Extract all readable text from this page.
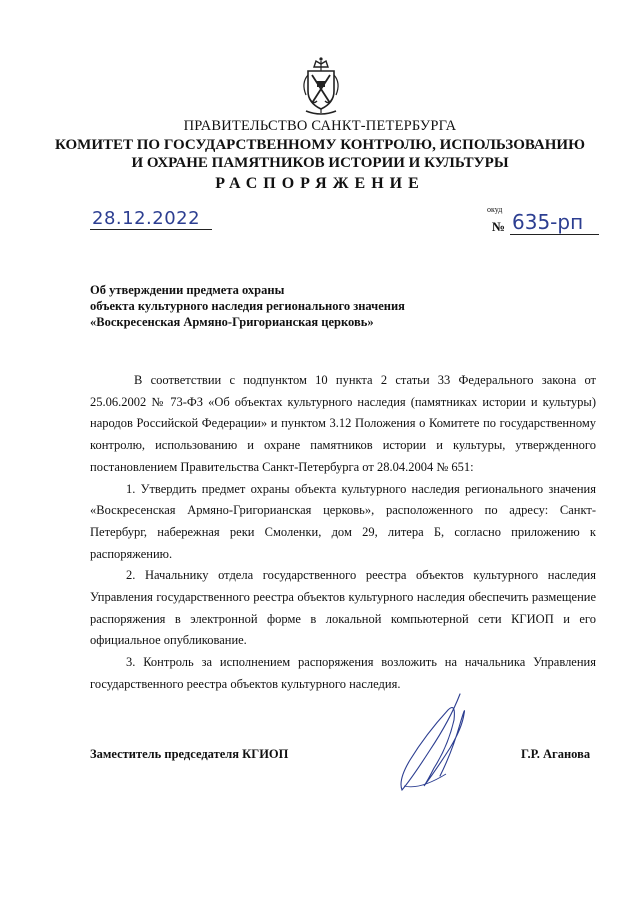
ПРАВИТЕЛЬСТВО САНКТ-ПЕТЕРБУРГА
КОМИТЕТ ПО ГОСУДАРСТВЕННОМУ КОНТРОЛЮ, ИСПОЛЬЗОВАНИЮ
И ОХРАНЕ ПАМЯТНИКОВ ИСТОРИИ И КУЛЬТУРЫ
РАСПОРЯЖЕНИЕ
окуд
28.12.2022	№ 635-рп
Об утверждении предмета охраны
объекта культурного наследия регионального значения
«Воскресенская Армяно-Григорианская церковь»

В соответствии с подпунктом 10 пункта 2 статьи 33 Федерального закона от 25.06.2002 № 73-ФЗ «Об объектах культурного наследия (памятниках истории и культуры) народов Российской Федерации» и пунктом 3.12 Положения о Комитете по государственному контролю, использованию и охране памятников истории и культуры, утвержденного постановлением Правительства Санкт-Петербурга от 28.04.2004 № 651:

1. Утвердить предмет охраны объекта культурного наследия регионального значения «Воскресенская Армяно-Григорианская церковь», расположенного по адресу: Санкт-Петербург, набережная реки Смоленки, дом 29, литера Б, согласно приложению к распоряжению.

2. Начальнику отдела государственного реестра объектов культурного наследия Управления государственного реестра объектов культурного наследия обеспечить размещение распоряжения в электронной форме в локальной компьютерной сети КГИОП и его официальное опубликование.

3. Контроль за исполнением распоряжения возложить на начальника Управления государственного реестра объектов культурного наследия.

Заместитель председателя КГИОП	Г.Р. Аганова
